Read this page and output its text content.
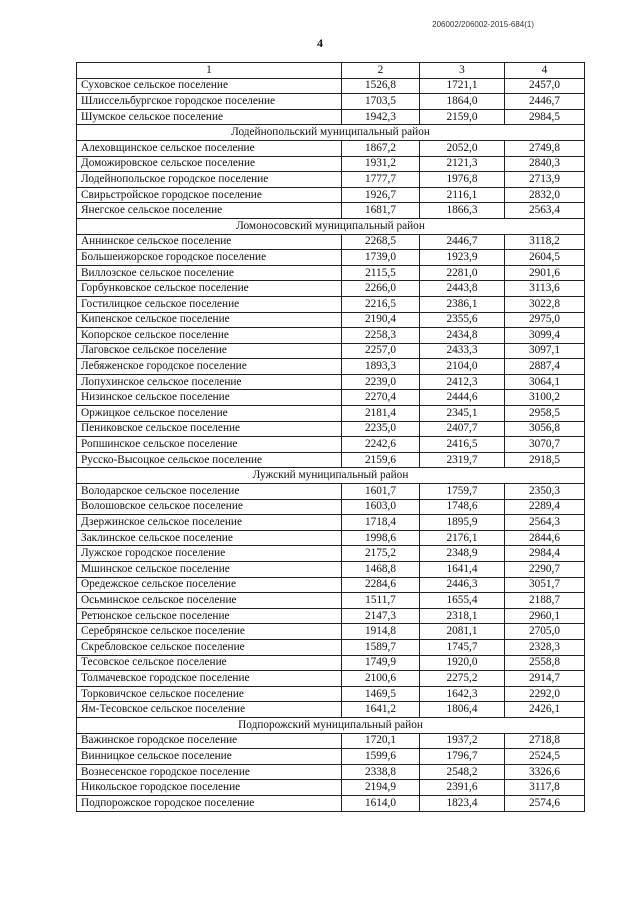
206002/206002-2015-684(1)
4
1	2	3	4
Суховское сельское поселение	1526,8	1721,1	2457,0
Шлиссельбургское городское поселение	1703,5	1864,0	2446,7
Шумское сельское поселение	1942,3	2159,0	2984,5
Лодейнопольский муниципальный район			
Алеховщинское сельское поселение	1867,2	2052,0	2749,8
Доможировское сельское поселение	1931,2	2121,3	2840,3
Лодейнопольское городское поселение	1777,7	1976,8	2713,9
Свирьстройское городское поселение	1926,7	2116,1	2832,0
Янегское сельское поселение	1681,7	1866,3	2563,4
Ломоносовский муниципальный район			
Аннинское сельское поселение	2268,5	2446,7	3118,2
Большеижорское городское поселение	1739,0	1923,9	2604,5
Виллозское сельское поселение	2115,5	2281,0	2901,6
Горбунковское сельское поселение	2266,0	2443,8	3113,6
Гостилицкое сельское поселение	2216,5	2386,1	3022,8
Кипенское сельское поселение	2190,4	2355,6	2975,0
Копорское сельское поселение	2258,3	2434,8	3099,4
Лаговское сельское поселение	2257,0	2433,3	3097,1
Лебяженское городское поселение	1893,3	2104,0	2887,4
Лопухинское сельское поселение	2239,0	2412,3	3064,1
Низинское сельское поселение	2270,4	2444,6	3100,2
Оржицкое сельское поселение	2181,4	2345,1	2958,5
Пениковское сельское поселение	2235,0	2407,7	3056,8
Ропшинское сельское поселение	2242,6	2416,5	3070,7
Русско-Высоцкое сельское поселение	2159,6	2319,7	2918,5
Лужский муниципальный район			
Володарское сельское поселение	1601,7	1759,7	2350,3
Волошовское сельское поселение	1603,0	1748,6	2289,4
Дзержинское сельское поселение	1718,4	1895,9	2564,3
Заклинское сельское поселение	1998,6	2176,1	2844,6
Лужское городское поселение	2175,2	2348,9	2984,4
Мшинское сельское поселение	1468,8	1641,4	2290,7
Оредежское сельское поселение	2284,6	2446,3	3051,7
Осьминское сельское поселение	1511,7	1655,4	2188,7
Ретюнское сельское поселение	2147,3	2318,1	2960,1
Серебрянское сельское поселение	1914,8	2081,1	2705,0
Скребловское сельское поселение	1589,7	1745,7	2328,3
Тесовское сельское поселение	1749,9	1920,0	2558,8
Толмачевское городское поселение	2100,6	2275,2	2914,7
Торковичское сельское поселение	1469,5	1642,3	2292,0
Ям-Тесовское сельское поселение	1641,2	1806,4	2426,1
Подпорожский муниципальный район			
Важинское городское поселение	1720,1	1937,2	2718,8
Винницкое сельское поселение	1599,6	1796,7	2524,5
Вознесенское городское поселение	2338,8	2548,2	3326,6
Никольское городское поселение	2194,9	2391,6	3117,8
Подпорожское городское поселение	1614,0	1823,4	2574,6
